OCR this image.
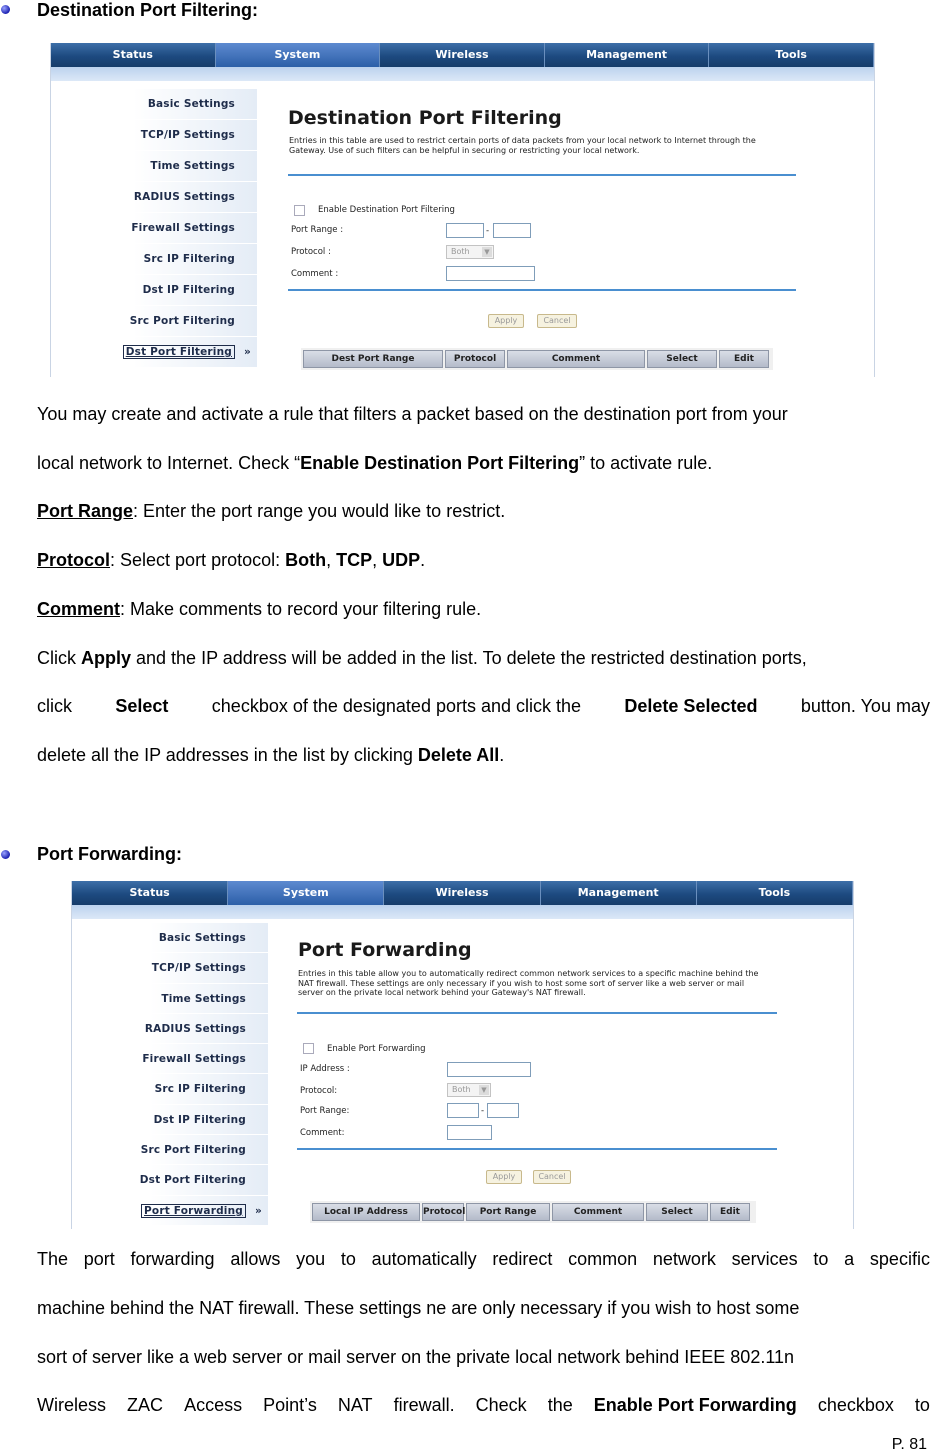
Destination Port Filtering:
Status	System	Wireless	Management	Tools
Basic Settings
TCP/IP Settings
Time Settings
RADIUS Settings
Firewall Settings
Src IP Filtering
Dst IP Filtering
Src Port Filtering
Dst Port Filtering »
Destination Port Filtering
Entries in this table are used to restrict certain ports of data packets from your local network to Internet through the Gateway. Use of such filters can be helpful in securing or restricting your local network.
Enable Destination Port Filtering
Port Range :	-
Protocol :	Both	▼
Comment :
Apply	Cancel
Dest Port Range	Protocol	Comment	Select	Edit
You may create and activate a rule that filters a packet based on the destination port from your
local network to Internet. Check “Enable Destination Port Filtering” to activate rule.
Port Range: Enter the port range you would like to restrict.
Protocol: Select port protocol: Both, TCP, UDP.
Comment: Make comments to record your filtering rule.
Click Apply and the IP address will be added in the list. To delete the restricted destination ports,
click Select checkbox of the designated ports and click the Delete Selected button. You may
delete all the IP addresses in the list by clicking Delete All.
Port Forwarding:
Status	System	Wireless	Management	Tools
Basic Settings
TCP/IP Settings
Time Settings
RADIUS Settings
Firewall Settings
Src IP Filtering
Dst IP Filtering
Src Port Filtering
Dst Port Filtering
Port Forwarding »
Port Forwarding
Entries in this table allow you to automatically redirect common network services to a specific machine behind the NAT firewall. These settings are only necessary if you wish to host some sort of server like a web server or mail server on the private local network behind your Gateway's NAT firewall.
Enable Port Forwarding
IP Address :
Protocol:	Both	▼
Port Range:	-
Comment:
Apply	Cancel
Local IP Address	Protocol	Port Range	Comment	Select	Edit
The port forwarding allows you to automatically redirect common network services to a specific
machine behind the NAT firewall. These settings ne are only necessary if you wish to host some
sort of server like a web server or mail server on the private local network behind IEEE 802.11n
Wireless ZAC Access Point’s NAT firewall. Check the Enable Port Forwarding checkbox to
P. 81
